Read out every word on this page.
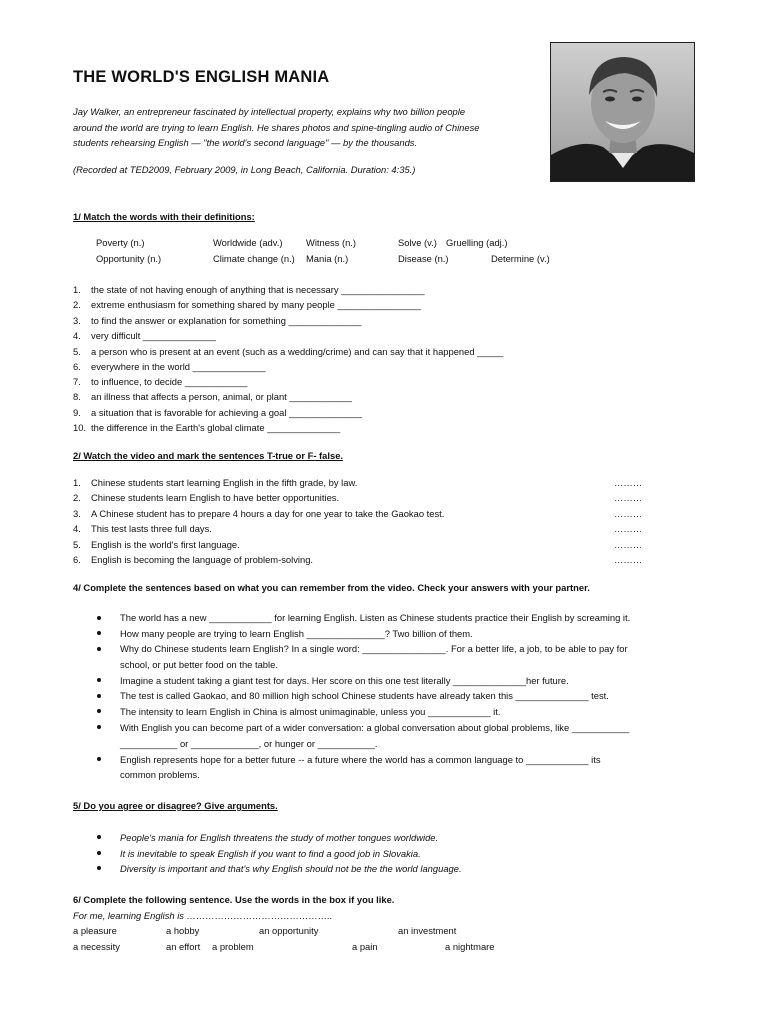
THE WORLD'S ENGLISH MANIA
Jay Walker, an entrepreneur fascinated by intellectual property, explains why two billion people
around the world are trying to learn English. He shares photos and spine-tingling audio of Chinese
students rehearsing English — "the world's second language" — by the thousands.
(Recorded at TED2009, February 2009, in Long Beach, California. Duration: 4:35.)
1/ Match the words with their definitions:
Poverty (n.)	Worldwide (adv.)	Witness (n.)	Solve (v.) Gruelling (adj.)
Opportunity (n.)	Climate change (n.) Mania (n.)	Disease (n.)	Determine (v.)
1. the state of not having enough of anything that is necessary ________________
2. extreme enthusiasm for something shared by many people ________________
3. to find the answer or explanation for something ______________
4. very difficult ______________
5. a person who is present at an event (such as a wedding/crime) and can say that it happened _____
6. everywhere in the world ______________
7. to influence, to decide ____________
8. an illness that affects a person, animal, or plant ____________
9. a situation that is favorable for achieving a goal ______________
10. the difference in the Earth's global climate ______________
2/ Watch the video and mark the sentences T-true or F- false.
1. Chinese students start learning English in the fifth grade, by law.	………
2. Chinese students learn English to have better opportunities.	………
3. A Chinese student has to prepare 4 hours a day for one year to take the Gaokao test.	………
4. This test lasts three full days.	………
5. English is the world's first language.	………
6. English is becoming the language of problem-solving.	………
4/ Complete the sentences based on what you can remember from the video. Check your answers with your partner.
The world has a new ____________ for learning English. Listen as Chinese students practice their English by screaming it.
How many people are trying to learn English _______________? Two billion of them.
Why do Chinese students learn English? In a single word: ________________. For a better life, a job, to be able to pay for
school, or put better food on the table.
Imagine a student taking a giant test for days. Her score on this one test literally ______________her future.
The test is called Gaokao, and 80 million high school Chinese students have already taken this ______________ test.
The intensity to learn English in China is almost unimaginable, unless you ____________ it.
With English you can become part of a wider conversation: a global conversation about global problems, like ___________
___________ or _____________, or hunger or ___________.
English represents hope for a better future -- a future where the world has a common language to ____________ its
common problems.
5/ Do you agree or disagree? Give arguments.
People's mania for English threatens the study of mother tongues worldwide.
It is inevitable to speak English if you want to find a good job in Slovakia.
Diversity is important and that's why English should not be the the world language.
6/ Complete the following sentence. Use the words in the box if you like.
For me, learning English is ………………………………………..
a pleasure	a hobby	an opportunity	an investment
a necessity	an effort a problem	a pain	a nightmare
